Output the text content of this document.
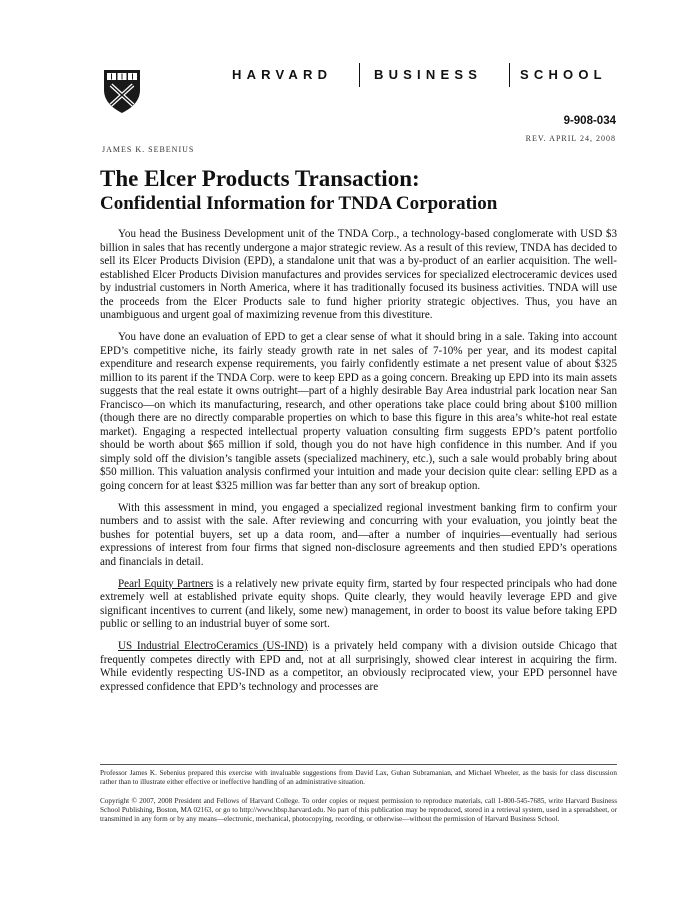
HARVARD	BUSINESS	SCHOOL
9-908-034
REV. APRIL 24, 2008
JAMES K. SEBENIUS
The Elcer Products Transaction:
Confidential Information for TNDA Corporation

You head the Business Development unit of the TNDA Corp., a technology-based conglomerate with USD $3 billion in sales that has recently undergone a major strategic review. As a result of this review, TNDA has decided to sell its Elcer Products Division (EPD), a standalone unit that was a by-product of an earlier acquisition. The well-established Elcer Products Division manufactures and provides services for specialized electroceramic devices used by industrial customers in North America, where it has traditionally focused its business activities. TNDA will use the proceeds from the Elcer Products sale to fund higher priority strategic objectives. Thus, you have an unambiguous and urgent goal of maximizing revenue from this divestiture.

You have done an evaluation of EPD to get a clear sense of what it should bring in a sale. Taking into account EPD’s competitive niche, its fairly steady growth rate in net sales of 7-10% per year, and its modest capital expenditure and research expense requirements, you fairly confidently estimate a net present value of about $325 million to its parent if the TNDA Corp. were to keep EPD as a going concern. Breaking up EPD into its main assets suggests that the real estate it owns outright—part of a highly desirable Bay Area industrial park location near San Francisco—on which its manufacturing, research, and other operations take place could bring about $100 million (though there are no directly comparable properties on which to base this figure in this area’s white-hot real estate market). Engaging a respected intellectual property valuation consulting firm suggests EPD’s patent portfolio should be worth about $65 million if sold, though you do not have high confidence in this number. And if you simply sold off the division’s tangible assets (specialized machinery, etc.), such a sale would probably bring about $50 million. This valuation analysis confirmed your intuition and made your decision quite clear: selling EPD as a going concern for at least $325 million was far better than any sort of breakup option.

With this assessment in mind, you engaged a specialized regional investment banking firm to confirm your numbers and to assist with the sale. After reviewing and concurring with your evaluation, you jointly beat the bushes for potential buyers, set up a data room, and—after a number of inquiries—eventually had serious expressions of interest from four firms that signed non-disclosure agreements and then studied EPD’s operations and financials in detail.

Pearl Equity Partners is a relatively new private equity firm, started by four respected principals who had done extremely well at established private equity shops. Quite clearly, they would heavily leverage EPD and give significant incentives to current (and likely, some new) management, in order to boost its value before taking EPD public or selling to an industrial buyer of some sort.

US Industrial ElectroCeramics (US-IND) is a privately held company with a division outside Chicago that frequently competes directly with EPD and, not at all surprisingly, showed clear interest in acquiring the firm. While evidently respecting US-IND as a competitor, an obviously reciprocated view, your EPD personnel have expressed confidence that EPD’s technology and processes are

Professor James K. Sebenius prepared this exercise with invaluable suggestions from David Lax, Guhan Subramanian, and Michael Wheeler, as the basis for class discussion rather than to illustrate either effective or ineffective handling of an administrative situation.
Copyright © 2007, 2008 President and Fellows of Harvard College. To order copies or request permission to reproduce materials, call 1-800-545-7685, write Harvard Business School Publishing, Boston, MA 02163, or go to http://www.hbsp.harvard.edu. No part of this publication may be reproduced, stored in a retrieval system, used in a spreadsheet, or transmitted in any form or by any means—electronic, mechanical, photocopying, recording, or otherwise—without the permission of Harvard Business School.
